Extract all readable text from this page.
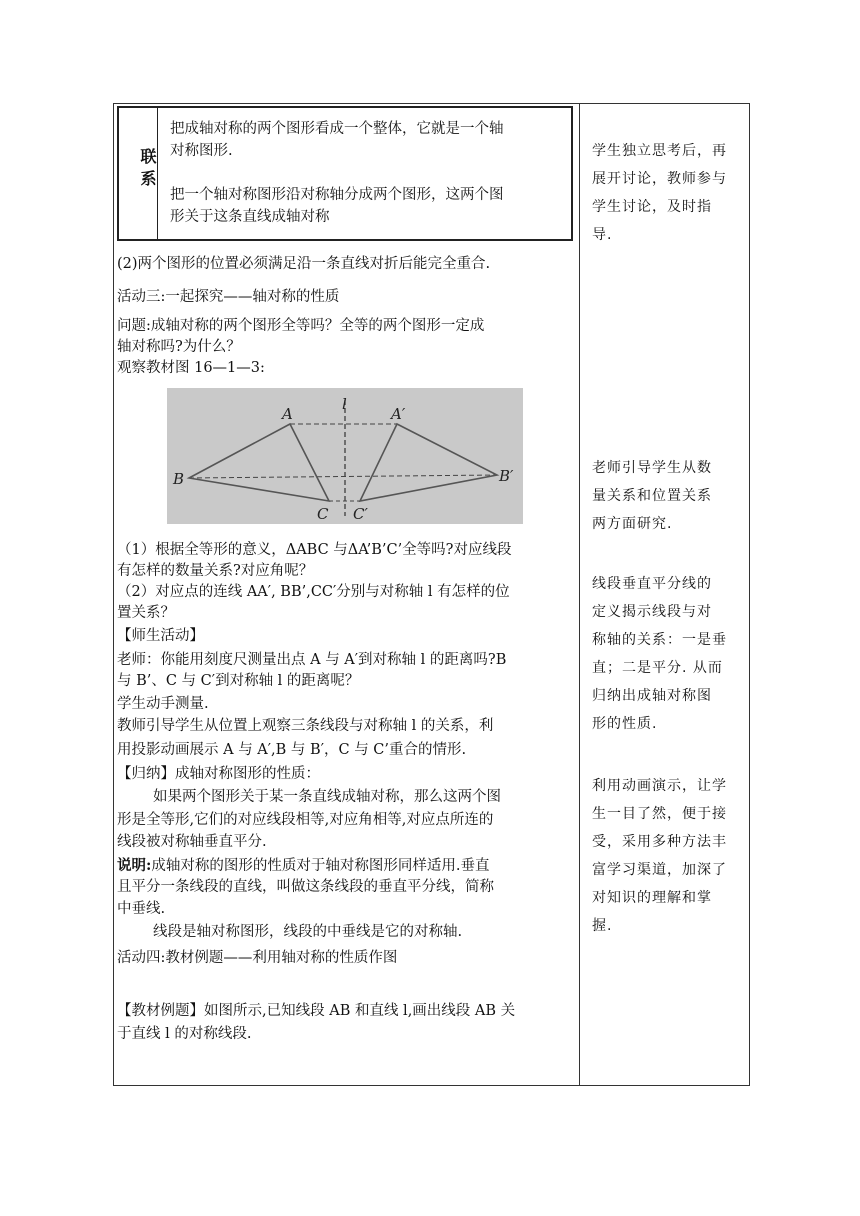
联系
把成轴对称的两个图形看成一个整体，它就是一个轴
对称图形.
把一个轴对称图形沿对称轴分成两个图形，这两个图
形关于这条直线成轴对称
(2)两个图形的位置必须满足沿一条直线对折后能完全重合.
活动三:一起探究——轴对称的性质
问题:成轴对称的两个图形全等吗？全等的两个图形一定成
轴对称吗?为什么？
观察教材图 16—1—3:
A	A′
l
B	B′
C C′
（1）根据全等形的意义，ΔABC 与ΔA’B’C’全等吗?对应线段
有怎样的数量关系?对应角呢？
（2）对应点的连线 AA′, BB’,CC′分别与对称轴 l 有怎样的位
置关系？
【师生活动】
老师：你能用刻度尺测量出点 A 与 A′到对称轴 l 的距离吗?B
与 B’、C 与 C′到对称轴 l 的距离呢？
学生动手测量.
教师引导学生从位置上观察三条线段与对称轴 l 的关系，利
用投影动画展示 A 与 A′,B 与 B′，C 与 C’重合的情形.
【归纳】成轴对称图形的性质：
如果两个图形关于某一条直线成轴对称，那么这两个图
形是全等形,它们的对应线段相等,对应角相等,对应点所连的
线段被对称轴垂直平分.
说明:成轴对称的图形的性质对于轴对称图形同样适用.垂直
且平分一条线段的直线，叫做这条线段的垂直平分线，简称
中垂线.
线段是轴对称图形，线段的中垂线是它的对称轴.
活动四:教材例题——利用轴对称的性质作图
【教材例题】如图所示,已知线段 AB 和直线 l,画出线段 AB 关
于直线 l 的对称线段.
学生独立思考后，再
展开讨论，教师参与
学生讨论，及时指
导.
老师引导学生从数
量关系和位置关系
两方面研究.
线段垂直平分线的
定义揭示线段与对
称轴的关系：一是垂
直；二是平分. 从而
归纳出成轴对称图
形的性质.
利用动画演示，让学
生一目了然，便于接
受，采用多种方法丰
富学习渠道，加深了
对知识的理解和掌
握.
